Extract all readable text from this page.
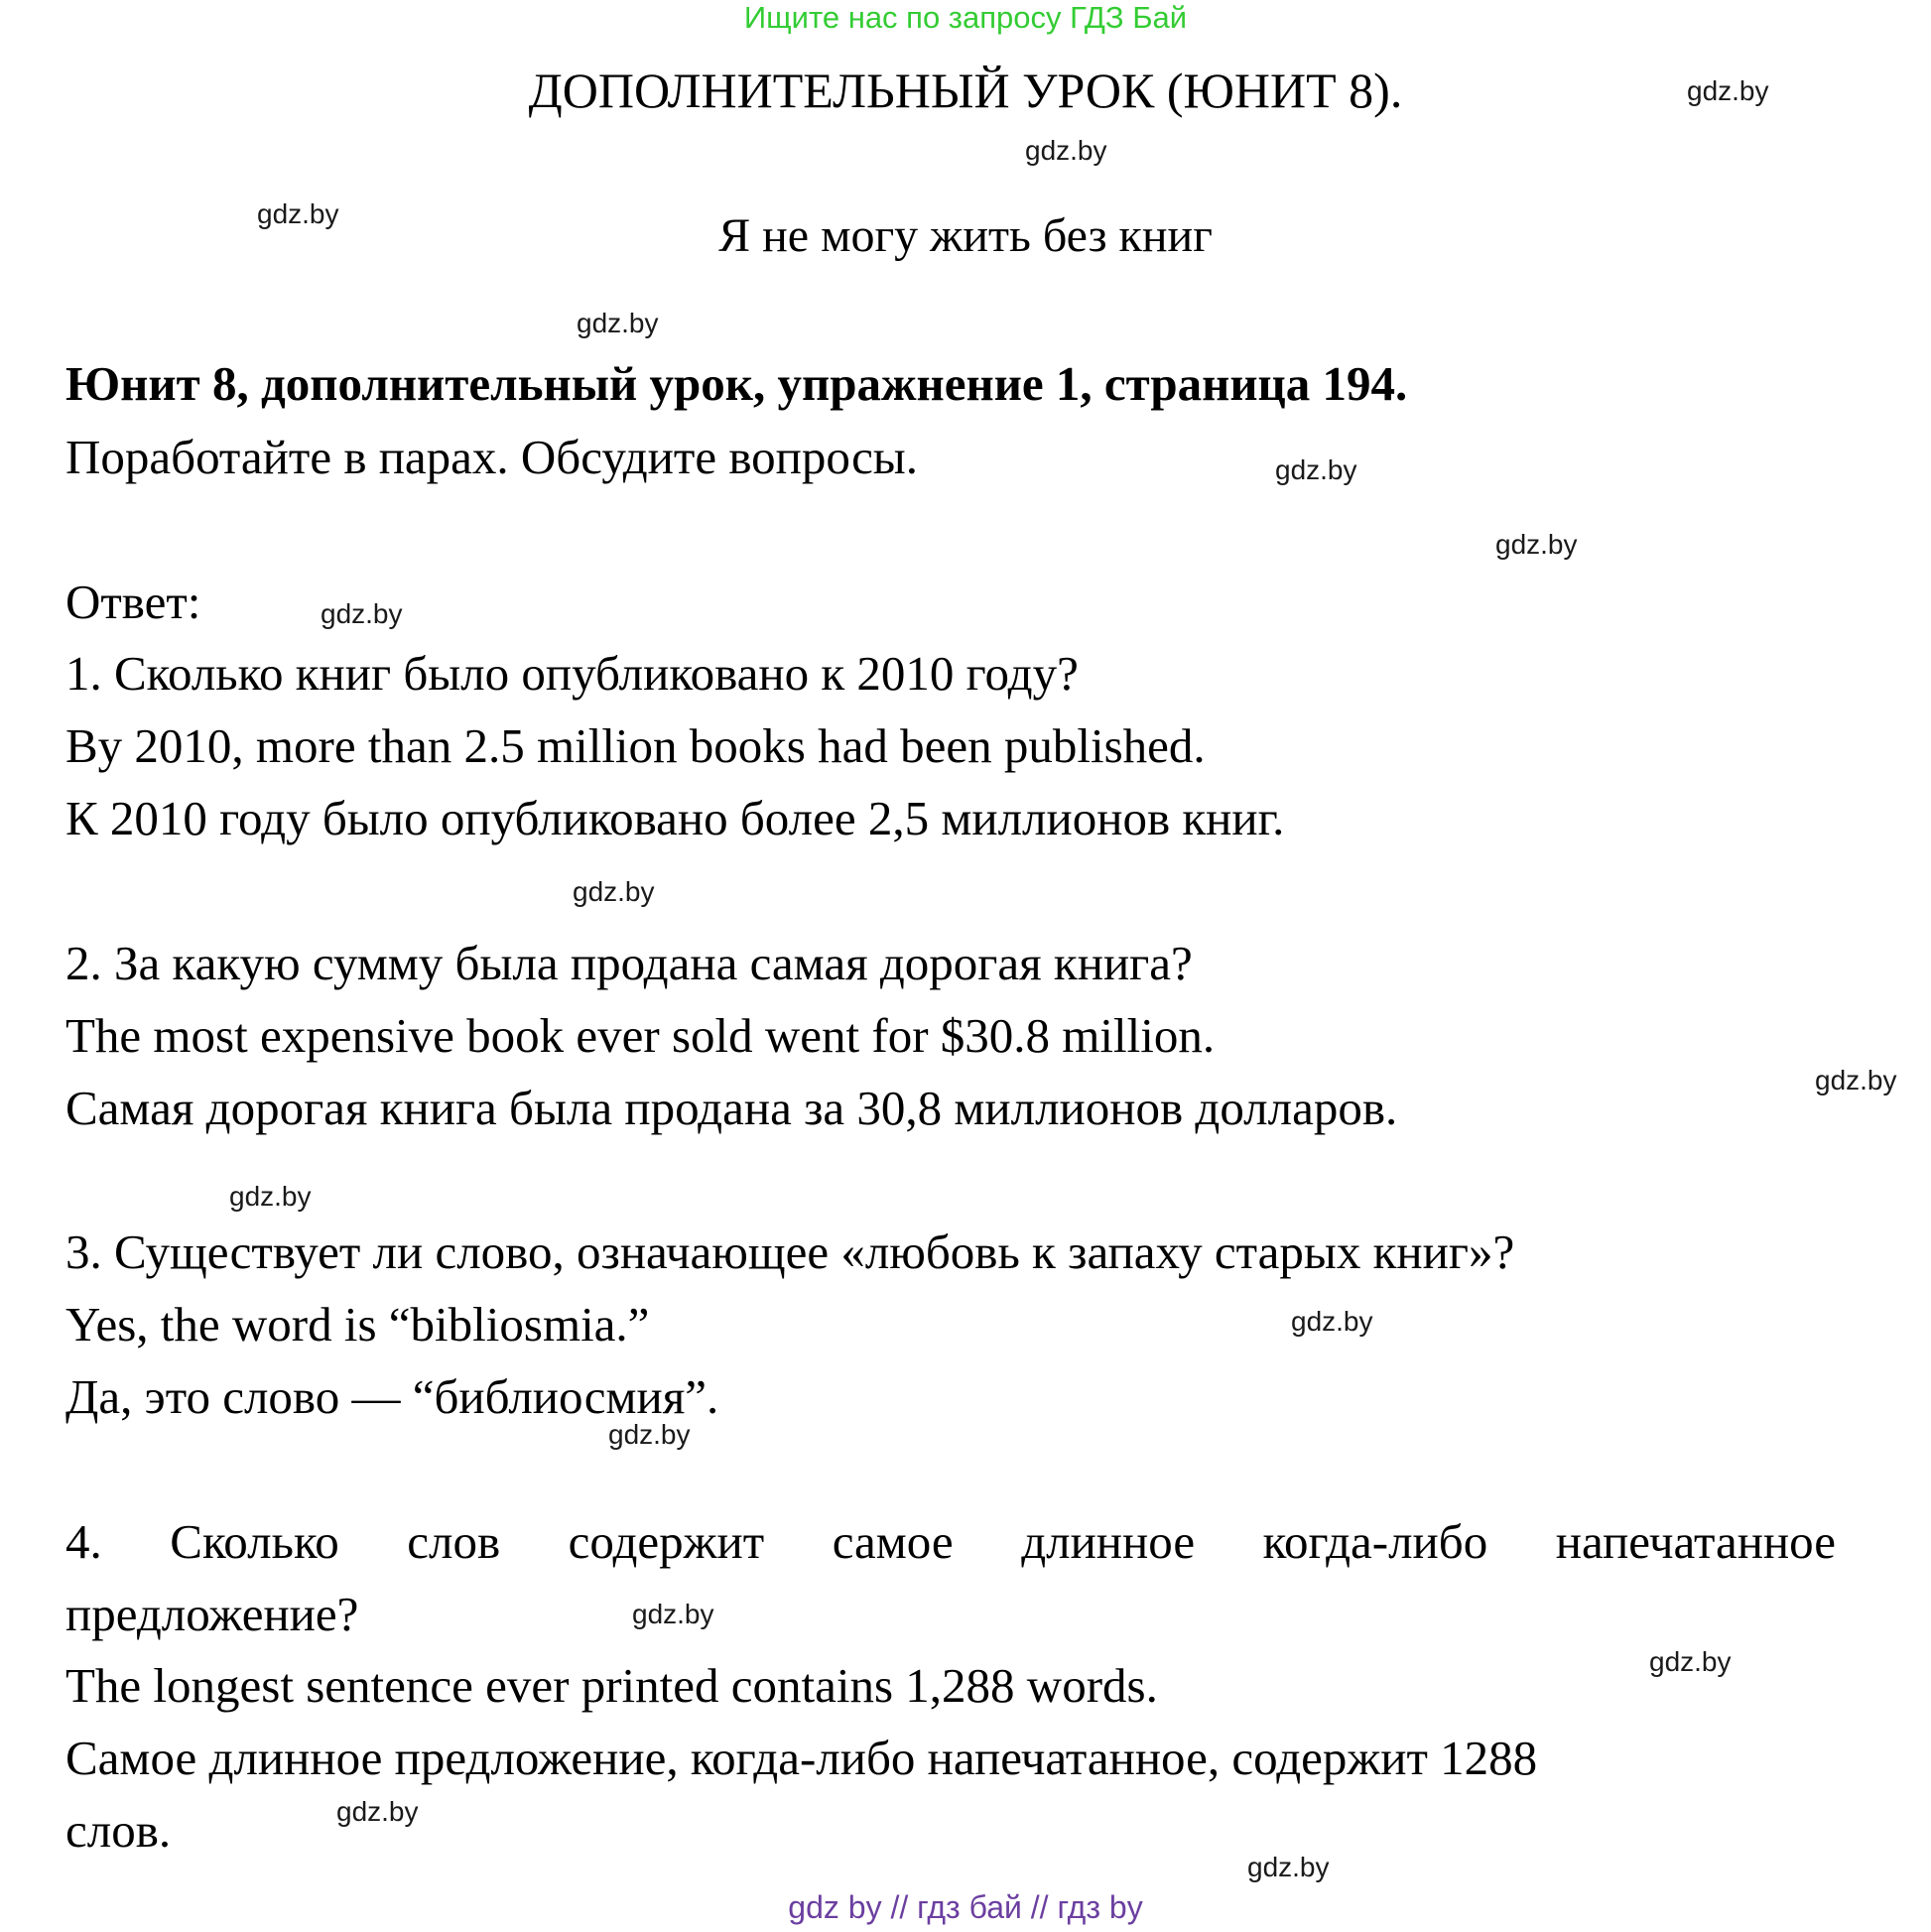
Ищите нас по запросу ГДЗ Бай
ДОПОЛНИТЕЛЬНЫЙ УРОК (ЮНИТ 8).
Я не могу жить без книг
Юнит 8, дополнительный урок, упражнение 1, страница 194.
Поработайте в парах. Обсудите вопросы.
Ответ:
1. Сколько книг было опубликовано к 2010 году?
By 2010, more than 2.5 million books had been published.
К 2010 году было опубликовано более 2,5 миллионов книг.
2. За какую сумму была продана самая дорогая книга?
The most expensive book ever sold went for $30.8 million.
Самая дорогая книга была продана за 30,8 миллионов долларов.
3. Существует ли слово, означающее «любовь к запаху старых книг»?
Yes, the word is “bibliosmia.”
Да, это слово — “библиосмия”.
4. Сколько слов содержит самое длинное когда-либо напечатанное
предложение?
The longest sentence ever printed contains 1,288 words.
Самое длинное предложение, когда-либо напечатанное, содержит 1288
слов.
gdz.by
gdz.by
gdz.by
gdz.by
gdz.by
gdz.by
gdz.by
gdz.by
gdz.by
gdz.by
gdz.by
gdz.by
gdz.by
gdz.by
gdz.by
gdz.by
gdz by // гдз бай // гдз by
